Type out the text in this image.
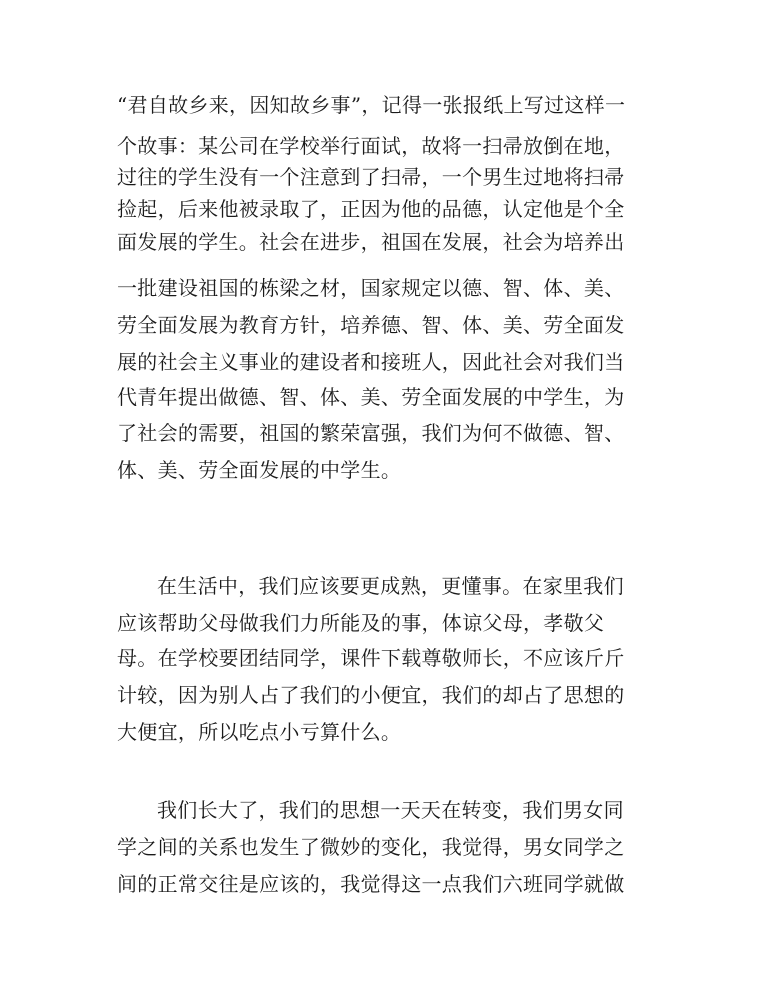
“君自故乡来，因知故乡事”，记得一张报纸上写过这样一
个故事：某公司在学校举行面试，故将一扫帚放倒在地，
过往的学生没有一个注意到了扫帚，一个男生过地将扫帚
捡起，后来他被录取了，正因为他的品德，认定他是个全
面发展的学生。社会在进步，祖国在发展，社会为培养出
一批建设祖国的栋梁之材，国家规定以德、智、体、美、
劳全面发展为教育方针，培养德、智、体、美、劳全面发
展的社会主义事业的建设者和接班人，因此社会对我们当
代青年提出做德、智、体、美、劳全面发展的中学生，为
了社会的需要，祖国的繁荣富强，我们为何不做德、智、
体、美、劳全面发展的中学生。
在生活中，我们应该要更成熟，更懂事。在家里我们
应该帮助父母做我们力所能及的事，体谅父母，孝敬父
母。在学校要团结同学，课件下载尊敬师长，不应该斤斤
计较，因为别人占了我们的小便宜，我们的却占了思想的
大便宜，所以吃点小亏算什么。
我们长大了，我们的思想一天天在转变，我们男女同
学之间的关系也发生了微妙的变化，我觉得，男女同学之
间的正常交往是应该的，我觉得这一点我们六班同学就做
